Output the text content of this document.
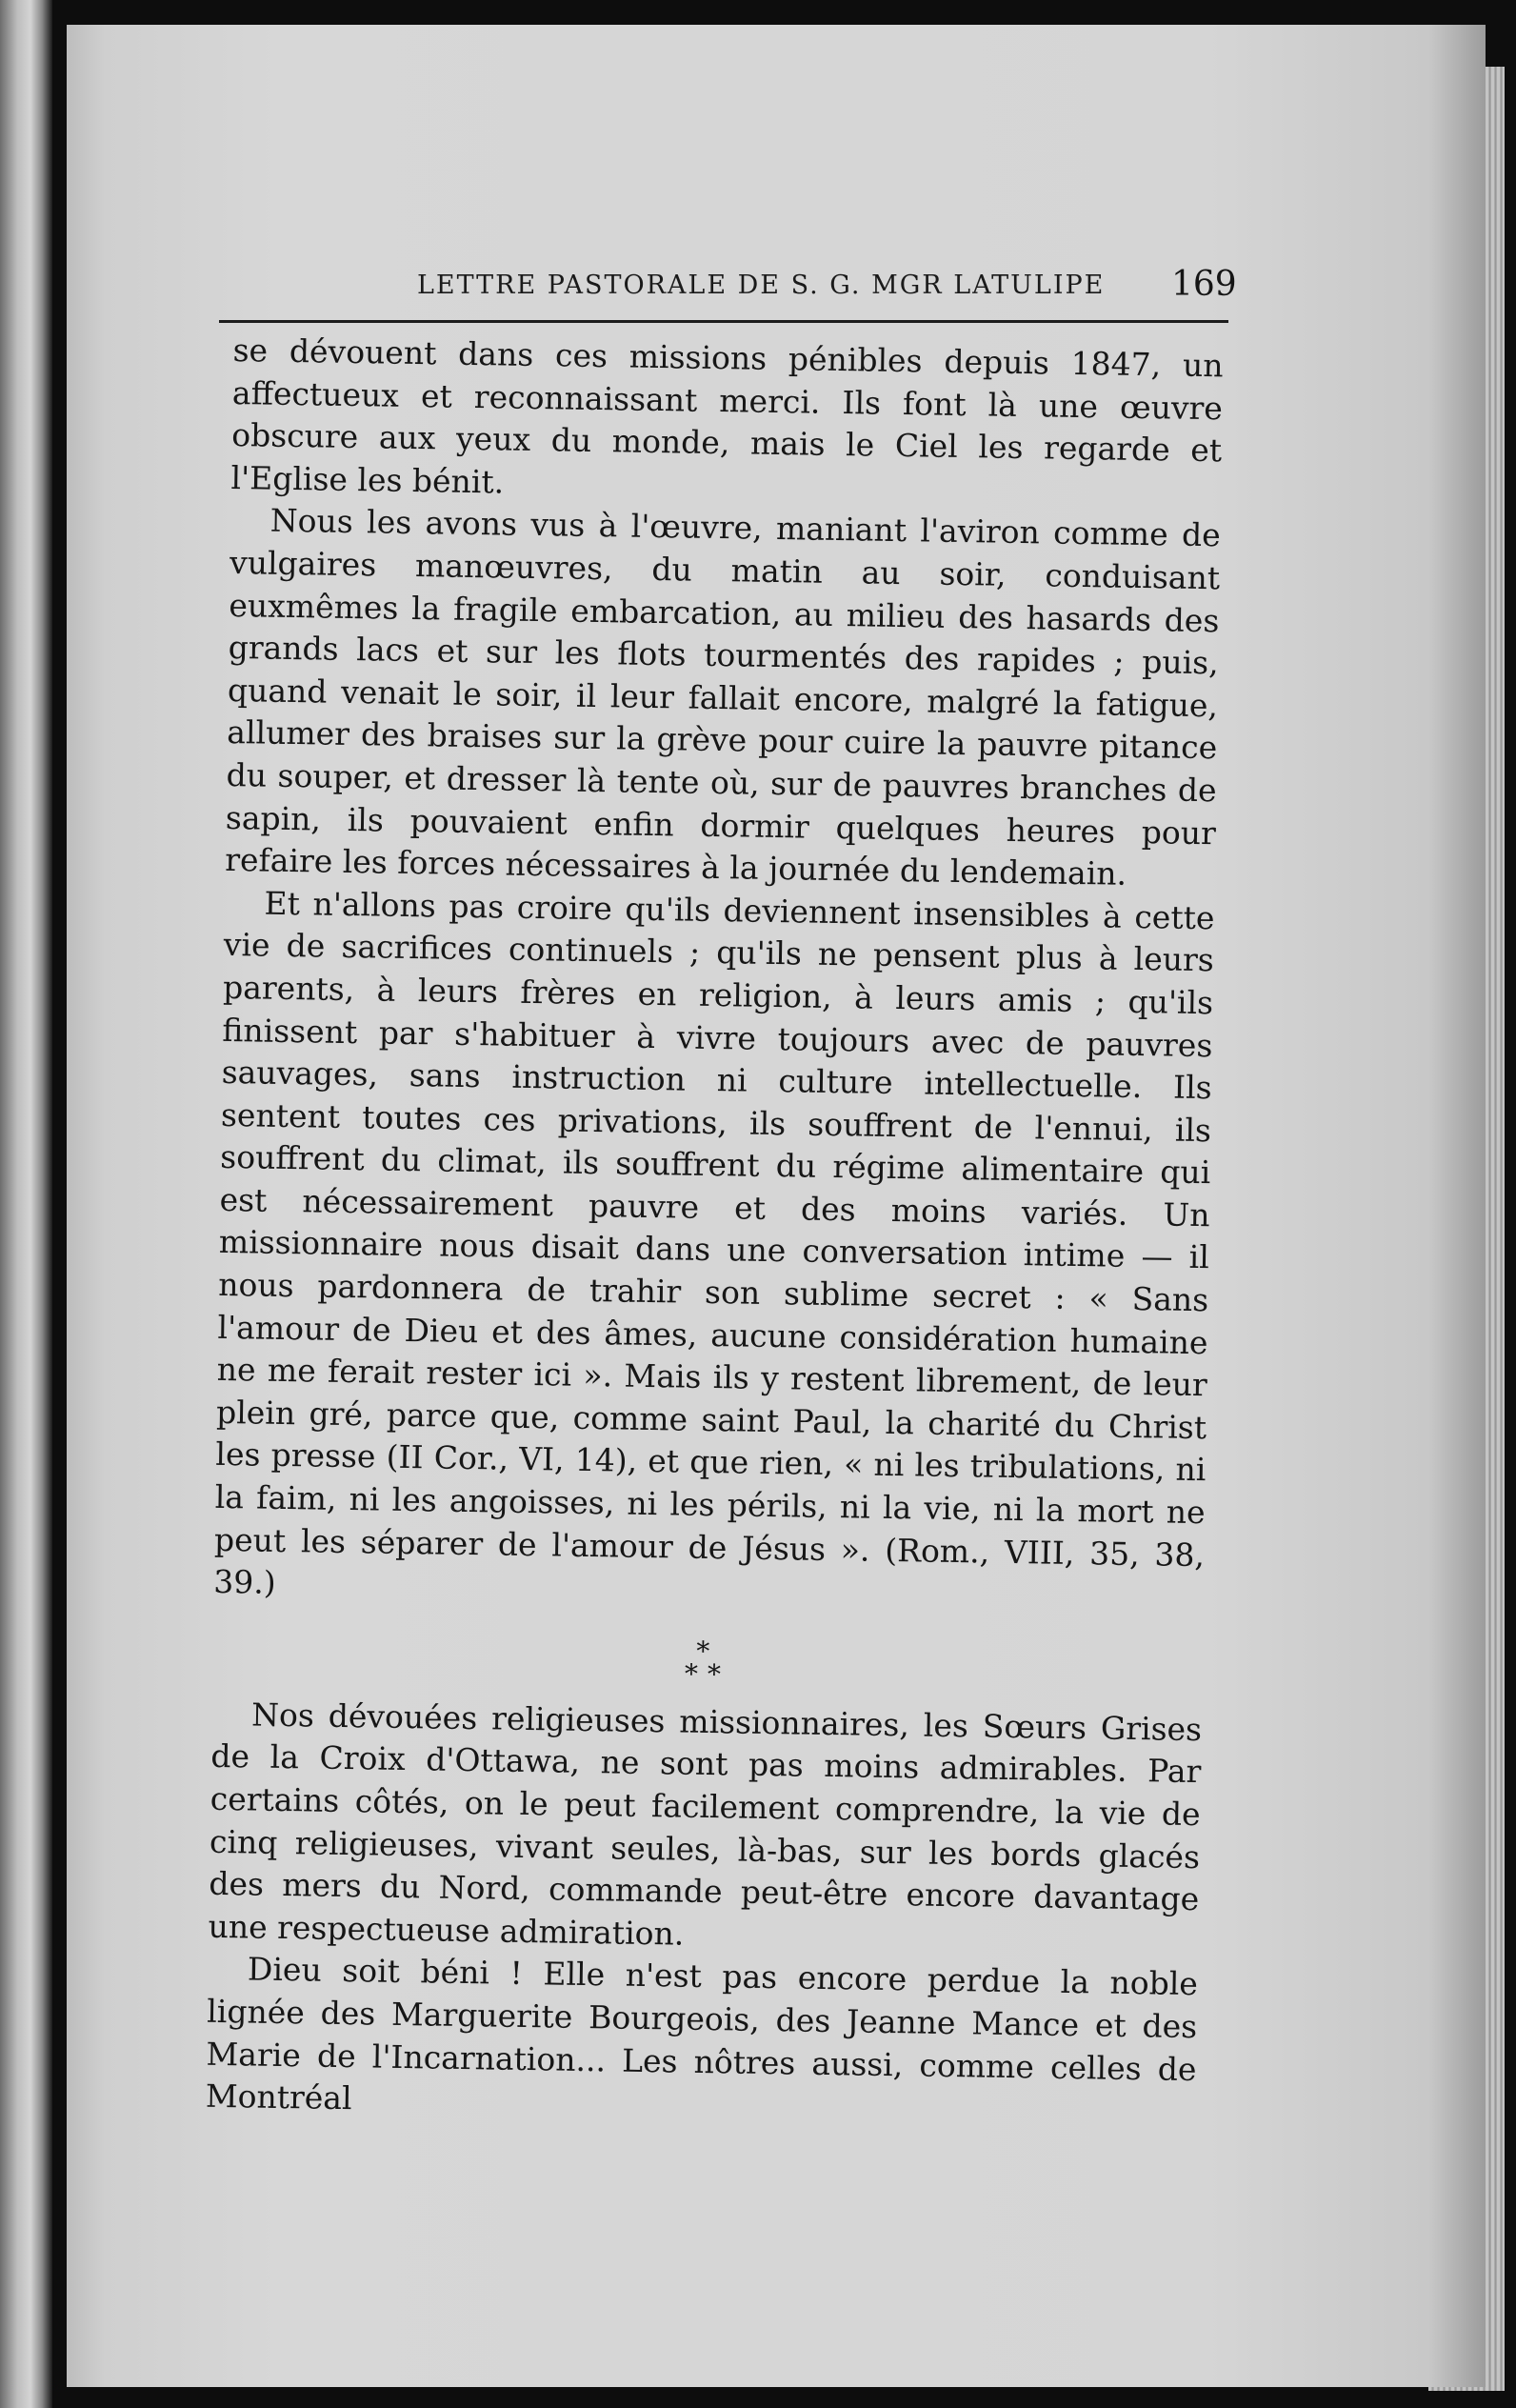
LETTRE PASTORALE DE S. G. MGR LATULIPE 169

se dévouent dans ces missions pénibles depuis 1847, un affectueux et reconnaissant merci. Ils font là une œuvre obscure aux yeux du monde, mais le Ciel les regarde et l'Eglise les bénit.

Nous les avons vus à l'œuvre, maniant l'aviron comme de vulgaires manœuvres, du matin au soir, conduisant euxmêmes la fragile embarcation, au milieu des hasards des grands lacs et sur les flots tourmentés des rapides ; puis, quand venait le soir, il leur fallait encore, malgré la fatigue, allumer des braises sur la grève pour cuire la pauvre pitance du souper, et dresser là tente où, sur de pauvres branches de sapin, ils pouvaient enfin dormir quelques heures pour refaire les forces nécessaires à la journée du lendemain.

Et n'allons pas croire qu'ils deviennent insensibles à cette vie de sacrifices continuels ; qu'ils ne pensent plus à leurs parents, à leurs frères en religion, à leurs amis ; qu'ils finissent par s'habituer à vivre toujours avec de pauvres sauvages, sans instruction ni culture intellectuelle. Ils sentent toutes ces privations, ils souffrent de l'ennui, ils souffrent du climat, ils souffrent du régime alimentaire qui est nécessairement pauvre et des moins variés. Un missionnaire nous disait dans une conversation intime — il nous pardonnera de trahir son sublime secret : « Sans l'amour de Dieu et des âmes, aucune considération humaine ne me ferait rester ici ». Mais ils y restent librement, de leur plein gré, parce que, comme saint Paul, la charité du Christ les presse (II Cor., VI, 14), et que rien, « ni les tribulations, ni la faim, ni les angoisses, ni les périls, ni la vie, ni la mort ne peut les séparer de l'amour de Jésus ». (Rom., VIII, 35, 38, 39.)

*
**

Nos dévouées religieuses missionnaires, les Sœurs Grises de la Croix d'Ottawa, ne sont pas moins admirables. Par certains côtés, on le peut facilement comprendre, la vie de cinq religieuses, vivant seules, là-bas, sur les bords glacés des mers du Nord, commande peut-être encore davantage une respectueuse admiration.

Dieu soit béni ! Elle n'est pas encore perdue la noble lignée des Marguerite Bourgeois, des Jeanne Mance et des Marie de l'Incarnation... Les nôtres aussi, comme celles de Montréal
